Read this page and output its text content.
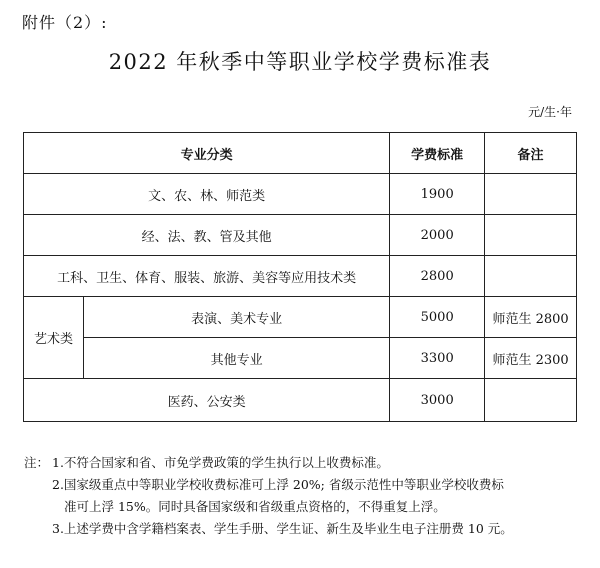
附件（2）:
2022 年秋季中等职业学校学费标准表
元/生·年
专业分类		学费标准	备注
文、农、林、师范类		1900	
经、法、教、管及其他		2000	
工科、卫生、体育、服装、旅游、美容等应用技术类		2800	
艺术类	表演、美术专业	5000	师范生 2800
	其他专业	3300	师范生 2300
医药、公安类		3000	
注： 1.不符合国家和省、市免学费政策的学生执行以上收费标准。
2.国家级重点中等职业学校收费标准可上浮 20%; 省级示范性中等职业学校收费标
准可上浮 15%。同时具备国家级和省级重点资格的，不得重复上浮。
3.上述学费中含学籍档案表、学生手册、学生证、新生及毕业生电子注册费 10 元。
